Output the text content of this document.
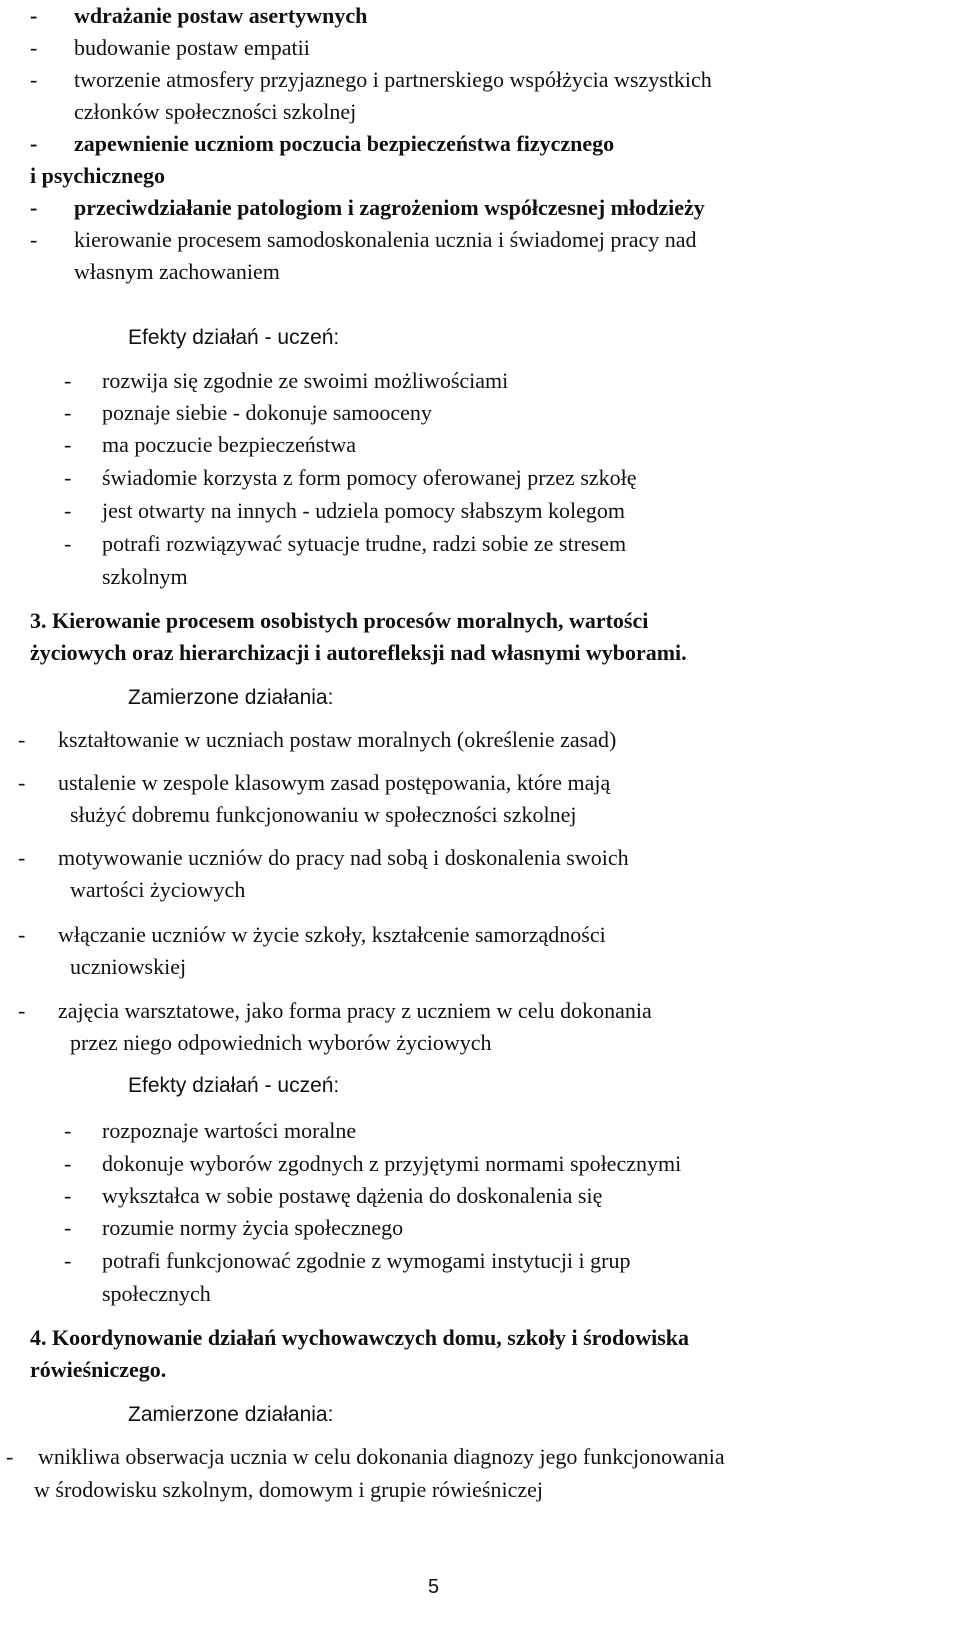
- wdrażanie postaw asertywnych
- budowanie postaw empatii
- tworzenie atmosfery przyjaznego i partnerskiego współżycia wszystkich
członków społeczności szkolnej
- zapewnienie uczniom poczucia bezpieczeństwa fizycznego
i psychicznego
- przeciwdziałanie patologiom i zagrożeniom współczesnej młodzieży
- kierowanie procesem samodoskonalenia ucznia i świadomej pracy nad
własnym zachowaniem
Efekty działań - uczeń:
- rozwija się zgodnie ze swoimi możliwościami
- poznaje siebie - dokonuje samooceny
- ma poczucie bezpieczeństwa
- świadomie korzysta z form pomocy oferowanej przez szkołę
- jest otwarty na innych - udziela pomocy słabszym kolegom
- potrafi rozwiązywać sytuacje trudne, radzi sobie ze stresem
szkolnym
3. Kierowanie procesem osobistych procesów moralnych, wartości
życiowych oraz hierarchizacji i autorefleksji nad własnymi wyborami.
Zamierzone działania:
- kształtowanie w uczniach postaw moralnych (określenie zasad)
- ustalenie w zespole klasowym zasad postępowania, które mają
służyć dobremu funkcjonowaniu w społeczności szkolnej
- motywowanie uczniów do pracy nad sobą i doskonalenia swoich
wartości życiowych
- włączanie uczniów w życie szkoły, kształcenie samorządności
uczniowskiej
- zajęcia warsztatowe, jako forma pracy z uczniem w celu dokonania
przez niego odpowiednich wyborów życiowych
Efekty działań - uczeń:
- rozpoznaje wartości moralne
- dokonuje wyborów zgodnych z przyjętymi normami społecznymi
- wykształca w sobie postawę dążenia do doskonalenia się
- rozumie normy życia społecznego
- potrafi funkcjonować zgodnie z wymogami instytucji i grup
społecznych
4. Koordynowanie działań wychowawczych domu, szkoły i środowiska
rówieśniczego.
Zamierzone działania:
- wnikliwa obserwacja ucznia w celu dokonania diagnozy jego funkcjonowania
w środowisku szkolnym, domowym i grupie rówieśniczej
5
